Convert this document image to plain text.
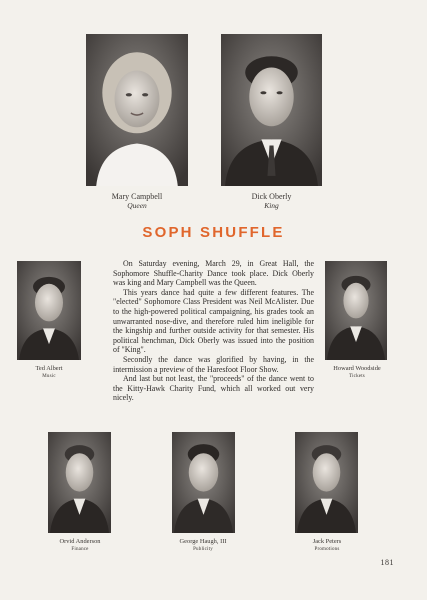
Mary Campbell
Queen
Dick Oberly
King
SOPH SHUFFLE
Ted Albert
Music

On Saturday evening, March 29, in Great Hall, the Sophomore Shuffle-Charity Dance took place. Dick Oberly was king and Mary Campbell was the Queen.

This years dance had quite a few different features. The "elected" Sophomore Class President was Neil McAlister. Due to the high-powered political campaigning, his grades took an unwarranted nose-dive, and therefore ruled him ineligible for the kingship and further outside activity for that semester. His political henchman, Dick Oberly was issued into the position of "King".

Secondly the dance was glorified by having, in the intermission a preview of the Haresfoot Floor Show.

And last but not least, the "proceeds" of the dance went to the Kitty-Hawk Charity Fund, which all worked out very nicely.

Howard Woodside
Tickets
Orvid Anderson
Finance
George Haugh, III
Publicity
Jack Peters
Promotions
181
